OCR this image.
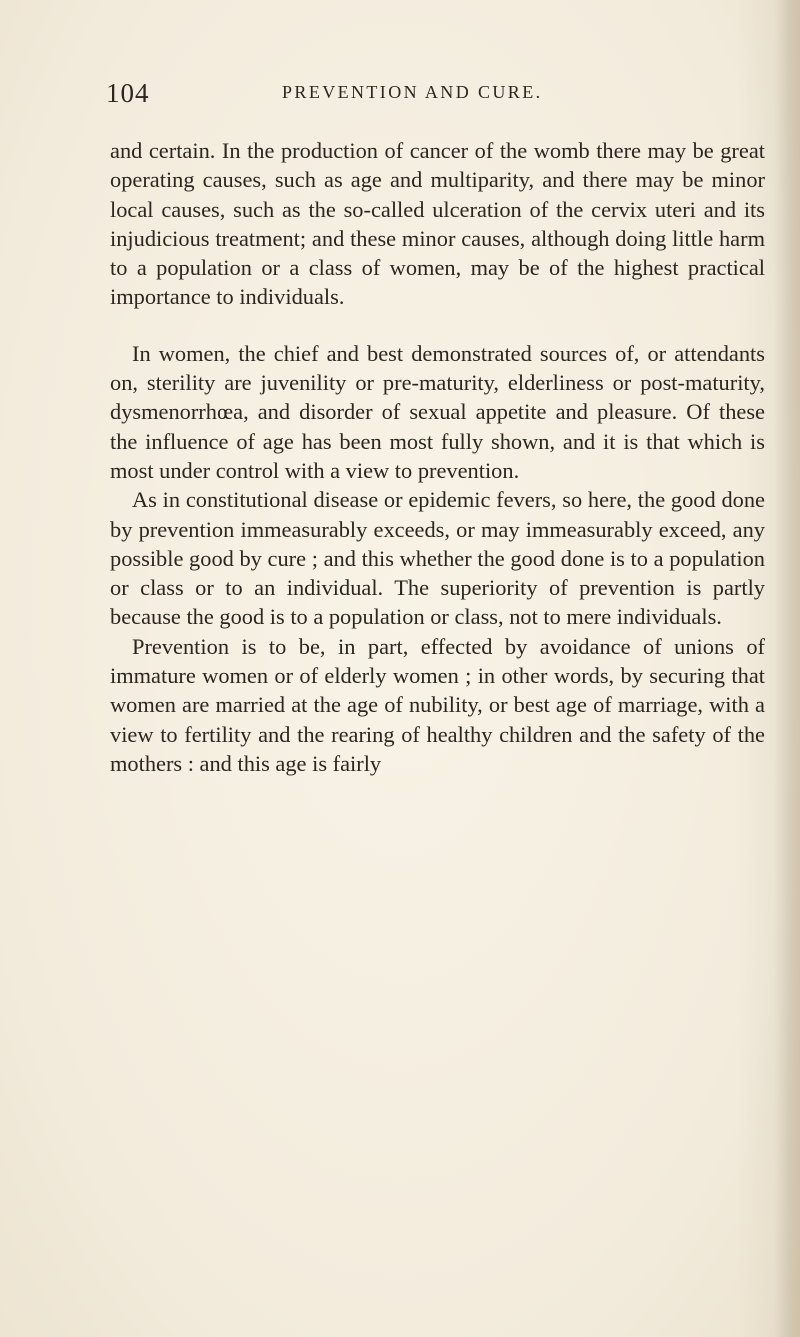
104	PREVENTION AND CURE.

and certain. In the production of cancer of the womb there may be great operating causes, such as age and multiparity, and there may be minor local causes, such as the so-called ulceration of the cervix uteri and its injudicious treatment; and these minor causes, although doing little harm to a population or a class of women, may be of the highest practical importance to individuals.

In women, the chief and best demonstrated sources of, or attendants on, sterility are juvenility or pre-maturity, elderliness or post-maturity, dysmenorrhœa, and disorder of sexual appetite and pleasure. Of these the influence of age has been most fully shown, and it is that which is most under control with a view to prevention.

As in constitutional disease or epidemic fevers, so here, the good done by prevention immeasurably exceeds, or may immeasurably exceed, any possible good by cure ; and this whether the good done is to a population or class or to an individual. The superiority of prevention is partly because the good is to a population or class, not to mere individuals.

Prevention is to be, in part, effected by avoidance of unions of immature women or of elderly women ; in other words, by securing that women are married at the age of nubility, or best age of marriage, with a view to fertility and the rearing of healthy children and the safety of the mothers : and this age is fairly
